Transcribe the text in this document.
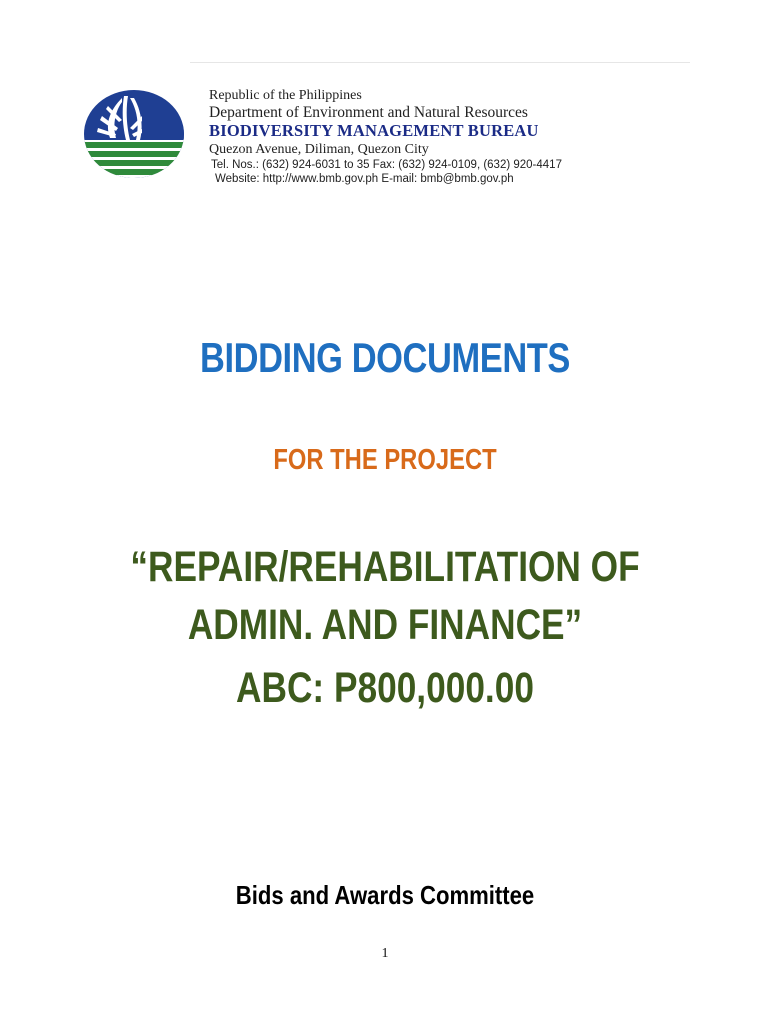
Republic of the Philippines
Department of Environment and Natural Resources
BIODIVERSITY MANAGEMENT BUREAU
Quezon Avenue, Diliman, Quezon City
Tel. Nos.: (632) 924-6031 to 35 Fax: (632) 924-0109, (632) 920-4417
Website: http://www.bmb.gov.ph E-mail: bmb@bmb.gov.ph
BIDDING DOCUMENTS
FOR THE PROJECT
“REPAIR/REHABILITATION OF
ADMIN. AND FINANCE”
ABC: P800,000.00
Bids and Awards Committee
1
